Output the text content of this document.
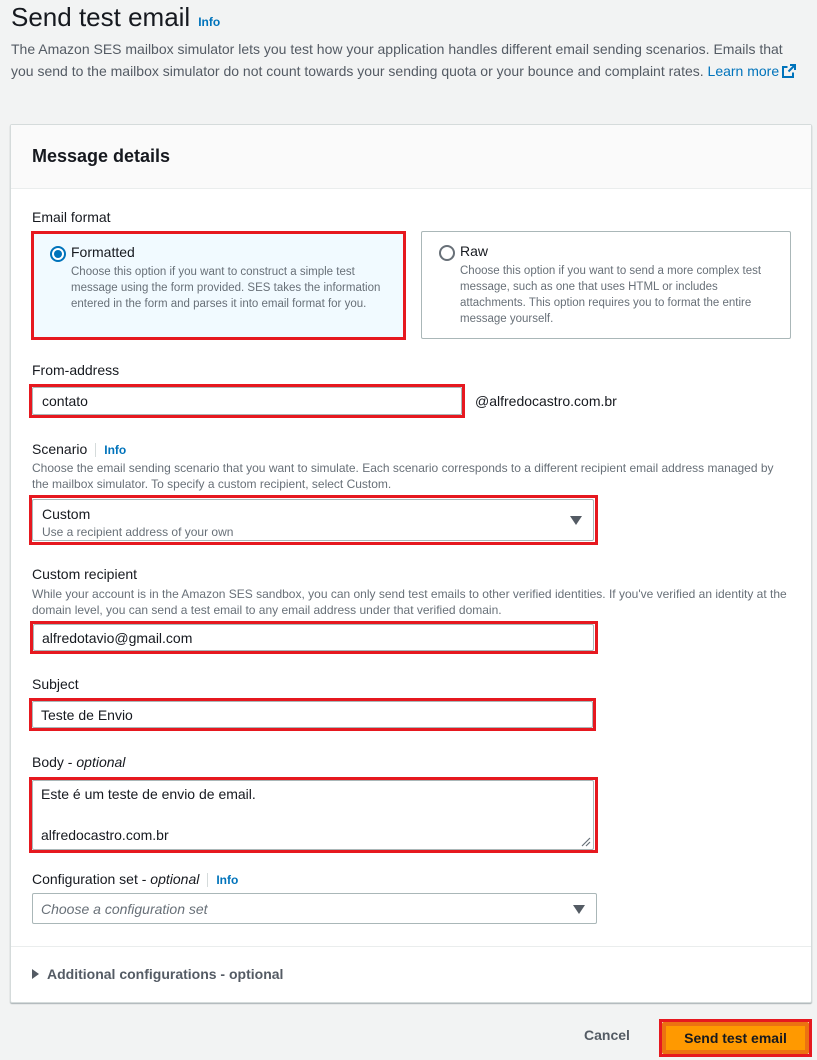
Send test email Info
The Amazon SES mailbox simulator lets you test how your application handles different email sending scenarios. Emails that you send to the mailbox simulator do not count towards your sending quota or your bounce and complaint rates. Learn more
Message details
Email format
Formatted
Choose this option if you want to construct a simple test message using the form provided. SES takes the information entered in the form and parses it into email format for you.
Raw
Choose this option if you want to send a more complex test message, such as one that uses HTML or includes attachments. This option requires you to format the entire message yourself.
From-address
contato	@alfredocastro.com.br
Scenario Info
Choose the email sending scenario that you want to simulate. Each scenario corresponds to a different recipient email address managed by the mailbox simulator. To specify a custom recipient, select Custom.
Custom
Use a recipient address of your own
Custom recipient
While your account is in the Amazon SES sandbox, you can only send test emails to other verified identities. If you've verified an identity at the domain level, you can send a test email to any email address under that verified domain.
alfredotavio@gmail.com
Subject
Teste de Envio
Body - optional
Este é um teste de envio de email.
alfredocastro.com.br
Configuration set - optional Info
Choose a configuration set
Additional configurations - optional
Cancel	Send test email
